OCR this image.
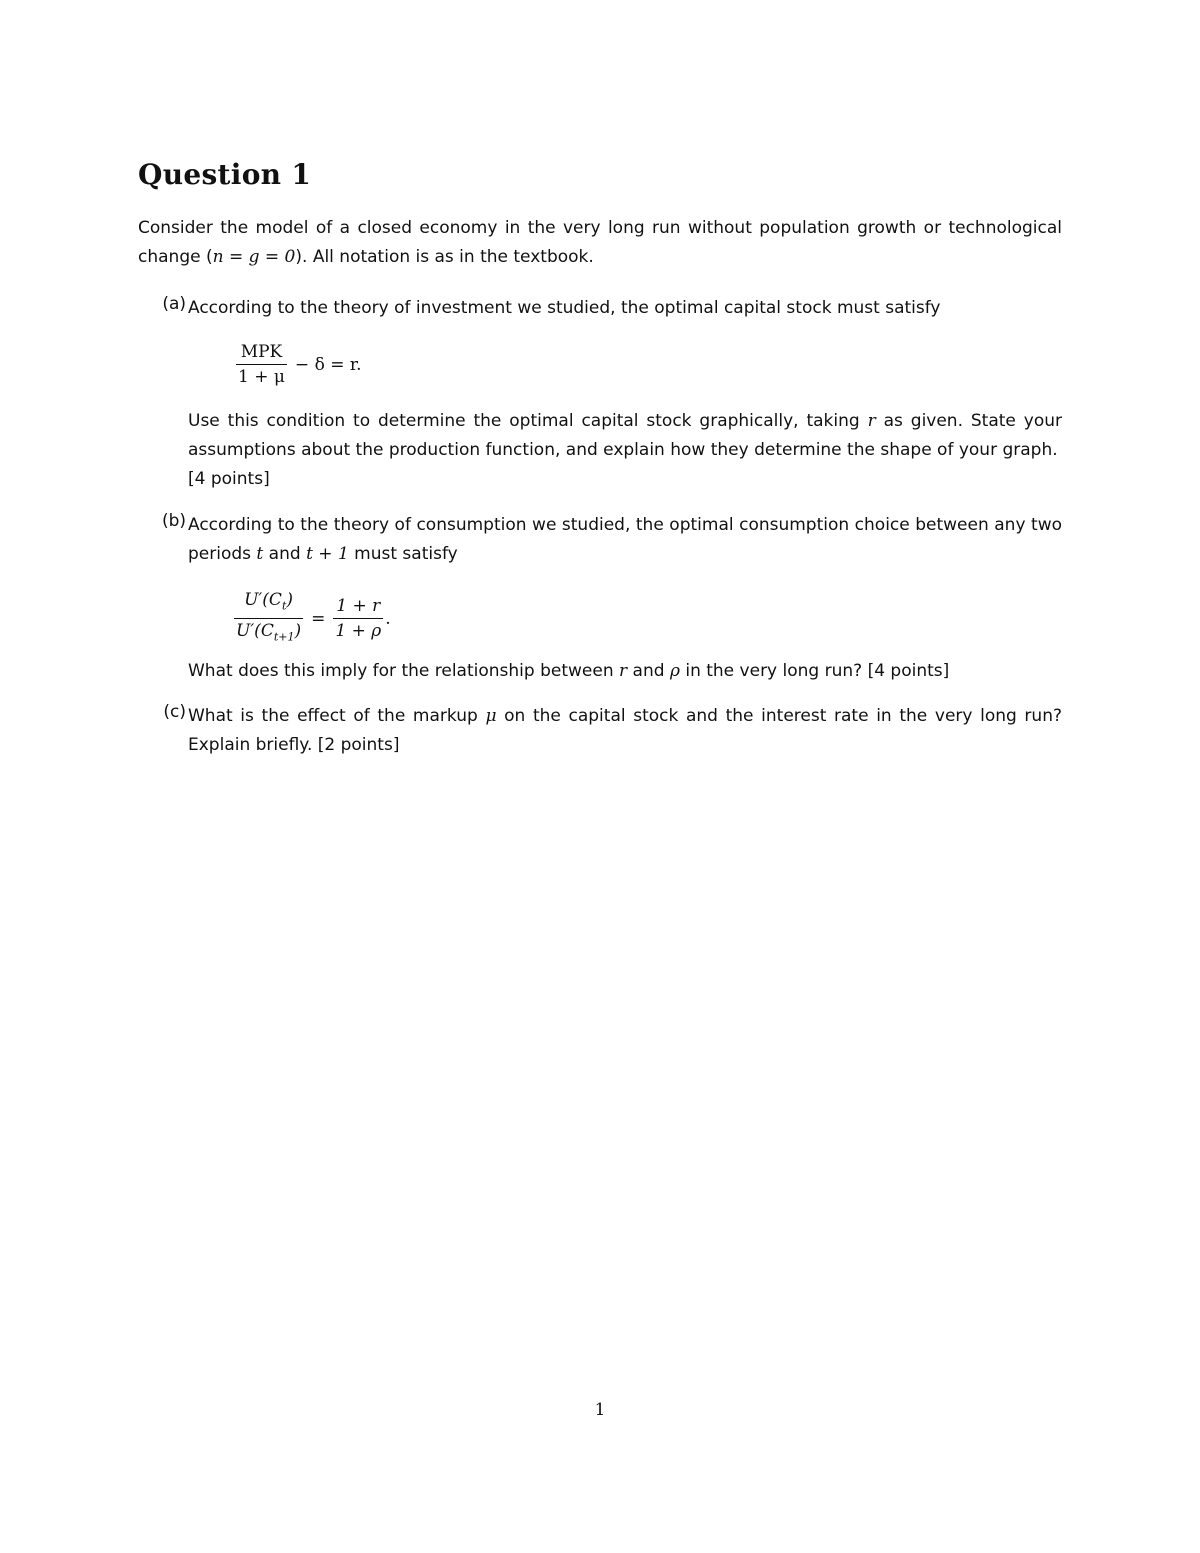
Question 1
Consider the model of a closed economy in the very long run without population growth or technological change (n = g = 0). All notation is as in the textbook.
(a) According to the theory of investment we studied, the optimal capital stock must satisfy
$\frac{\text{MPK}}{1 + \mu} - \delta = r$.
Use this condition to determine the optimal capital stock graphically, taking r as given. State your assumptions about the production function, and explain how they determine the shape of your graph.
[4 points]
(b) According to the theory of consumption we studied, the optimal consumption choice between any two periods t and t + 1 must satisfy
$\frac{U'(C_t)}{U'(C_{t+1})} = \frac{1 + r}{1 + \rho}$ .
What does this imply for the relationship between r and ρ in the very long run? [4 points]
(c) What is the effect of the markup μ on the capital stock and the interest rate in the very long run? Explain briefly. [2 points]
1
